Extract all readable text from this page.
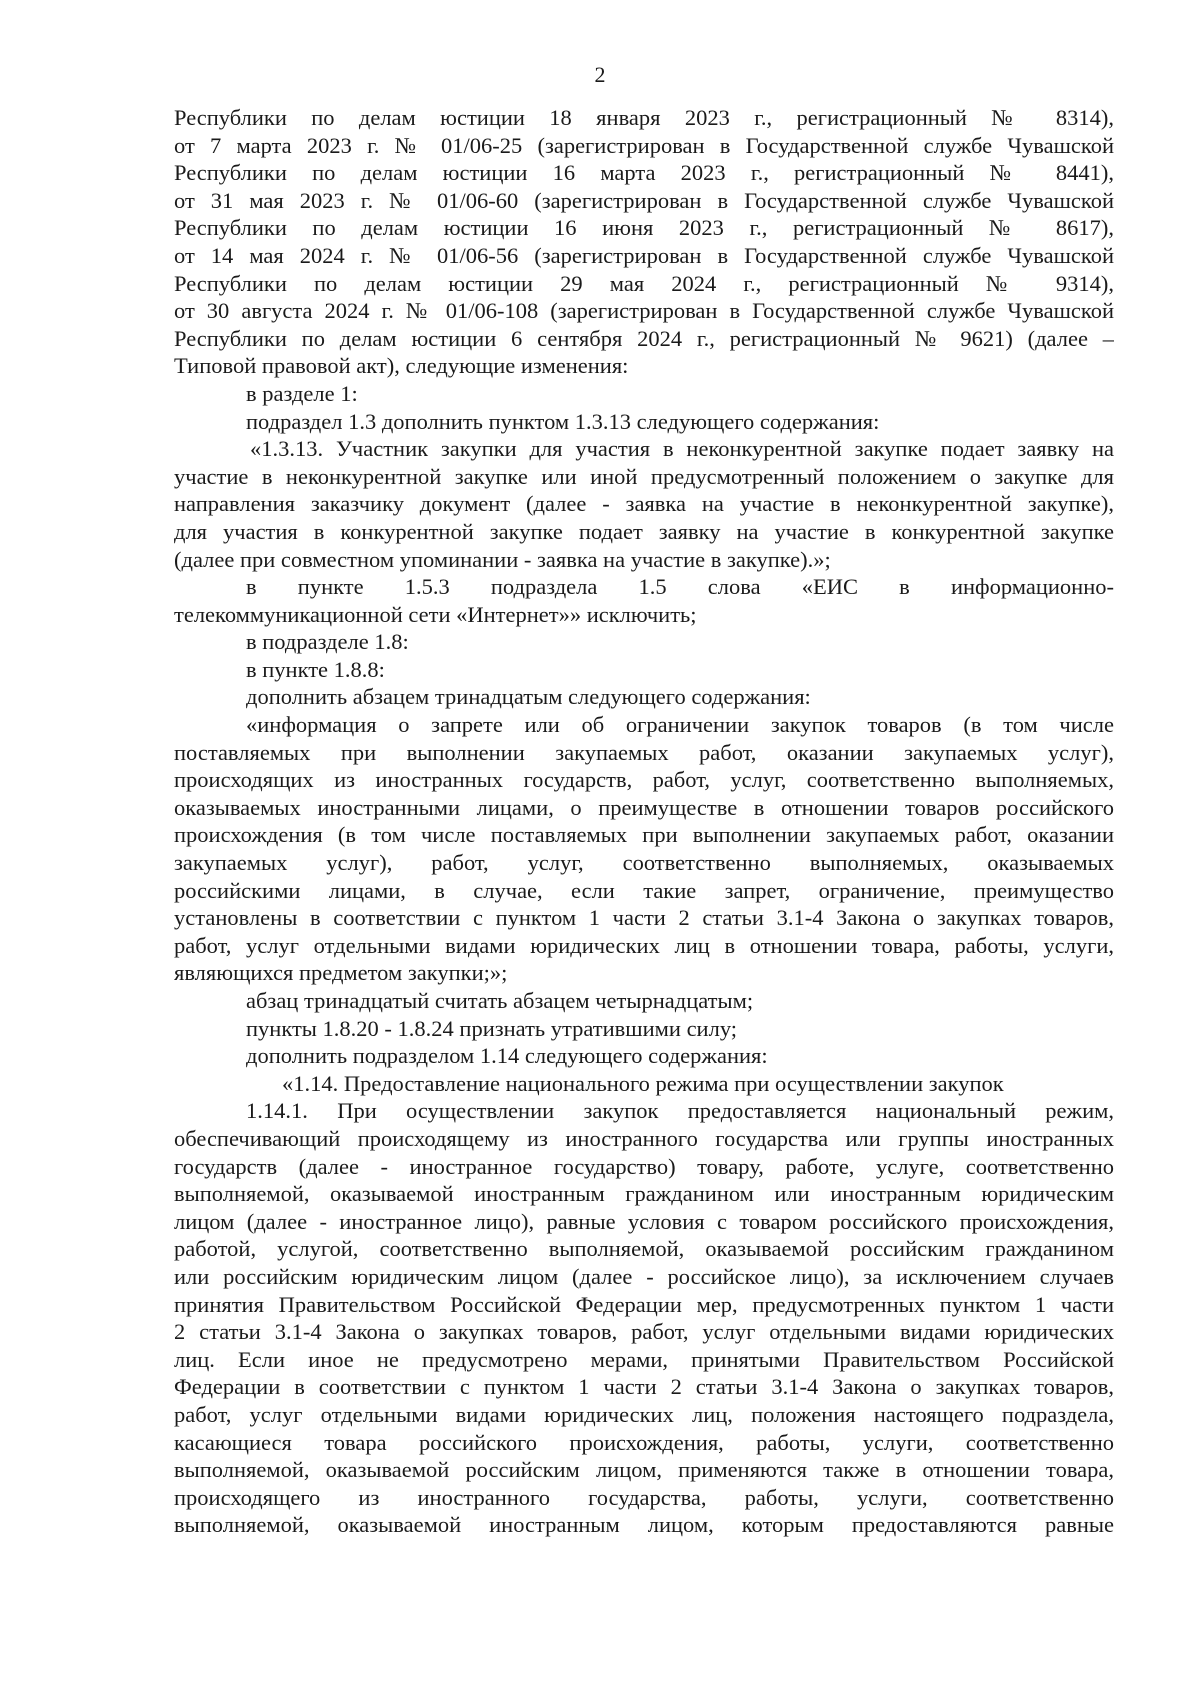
2
Республики по делам юстиции 18 января 2023 г., регистрационный № 8314),
от 7 марта 2023 г. № 01/06-25 (зарегистрирован в Государственной службе Чувашской
Республики по делам юстиции 16 марта 2023 г., регистрационный № 8441),
от 31 мая 2023 г. № 01/06-60 (зарегистрирован в Государственной службе Чувашской
Республики по делам юстиции 16 июня 2023 г., регистрационный № 8617),
от 14 мая 2024 г. № 01/06-56 (зарегистрирован в Государственной службе Чувашской
Республики по делам юстиции 29 мая 2024 г., регистрационный № 9314),
от 30 августа 2024 г. № 01/06-108 (зарегистрирован в Государственной службе Чувашской
Республики по делам юстиции 6 сентября 2024 г., регистрационный № 9621) (далее –
Типовой правовой акт), следующие изменения:
в разделе 1:
подраздел 1.3 дополнить пунктом 1.3.13 следующего содержания:
«1.3.13. Участник закупки для участия в неконкурентной закупке подает заявку на
участие в неконкурентной закупке или иной предусмотренный положением о закупке для
направления заказчику документ (далее - заявка на участие в неконкурентной закупке),
для участия в конкурентной закупке подает заявку на участие в конкурентной закупке
(далее при совместном упоминании - заявка на участие в закупке).»;
в пункте 1.5.3 подраздела 1.5 слова «ЕИС в информационно-
телекоммуникационной сети «Интернет»» исключить;
в подразделе 1.8:
в пункте 1.8.8:
дополнить абзацем тринадцатым следующего содержания:
«информация о запрете или об ограничении закупок товаров (в том числе
поставляемых при выполнении закупаемых работ, оказании закупаемых услуг),
происходящих из иностранных государств, работ, услуг, соответственно выполняемых,
оказываемых иностранными лицами, о преимуществе в отношении товаров российского
происхождения (в том числе поставляемых при выполнении закупаемых работ, оказании
закупаемых услуг), работ, услуг, соответственно выполняемых, оказываемых
российскими лицами, в случае, если такие запрет, ограничение, преимущество
установлены в соответствии с пунктом 1 части 2 статьи 3.1-4 Закона о закупках товаров,
работ, услуг отдельными видами юридических лиц в отношении товара, работы, услуги,
являющихся предметом закупки;»;
абзац тринадцатый считать абзацем четырнадцатым;
пункты 1.8.20 - 1.8.24 признать утратившими силу;
дополнить подразделом 1.14 следующего содержания:
«1.14. Предоставление национального режима при осуществлении закупок
1.14.1. При осуществлении закупок предоставляется национальный режим,
обеспечивающий происходящему из иностранного государства или группы иностранных
государств (далее - иностранное государство) товару, работе, услуге, соответственно
выполняемой, оказываемой иностранным гражданином или иностранным юридическим
лицом (далее - иностранное лицо), равные условия с товаром российского происхождения,
работой, услугой, соответственно выполняемой, оказываемой российским гражданином
или российским юридическим лицом (далее - российское лицо), за исключением случаев
принятия Правительством Российской Федерации мер, предусмотренных пунктом 1 части
2 статьи 3.1-4 Закона о закупках товаров, работ, услуг отдельными видами юридических
лиц. Если иное не предусмотрено мерами, принятыми Правительством Российской
Федерации в соответствии с пунктом 1 части 2 статьи 3.1-4 Закона о закупках товаров,
работ, услуг отдельными видами юридических лиц, положения настоящего подраздела,
касающиеся товара российского происхождения, работы, услуги, соответственно
выполняемой, оказываемой российским лицом, применяются также в отношении товара,
происходящего из иностранного государства, работы, услуги, соответственно
выполняемой, оказываемой иностранным лицом, которым предоставляются равные
